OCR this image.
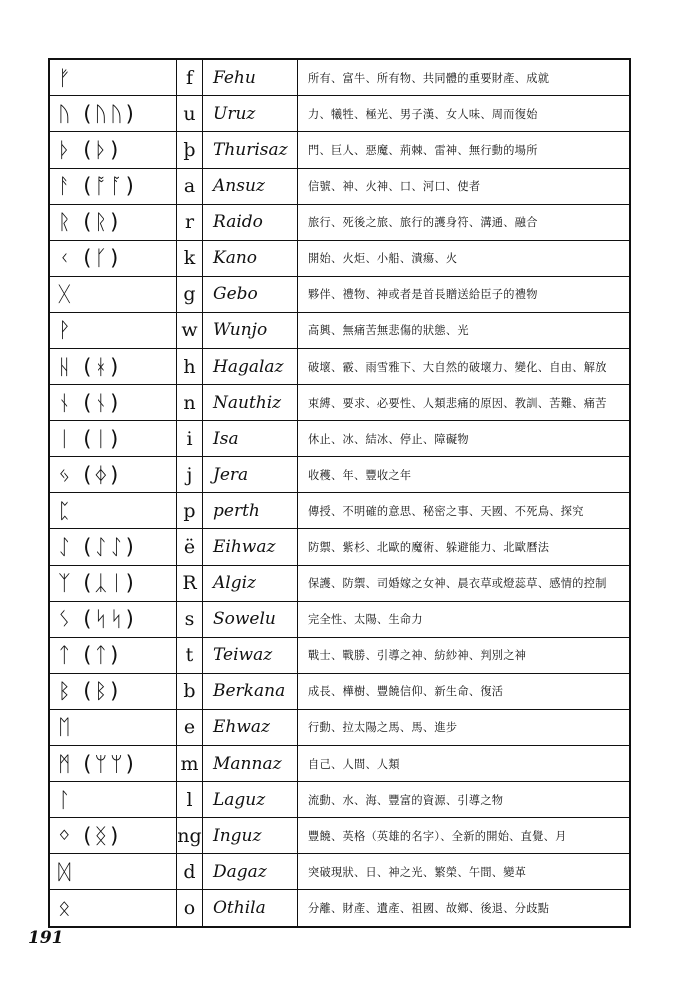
ᚠ	f	Fehu	所有、富牛、所有物、共同體的重要財產、成就
ᚢ (ᚢᚢ)	u	Uruz	力、犧牲、極光、男子漢、女人味、周而復始
ᚦ (ᚦ)	þ	Thurisaz	門、巨人、惡魔、荊棘、雷神、無行動的場所
ᚨ (ᚩᚪ)	a	Ansuz	信號、神、火神、口、河口、使者
ᚱ (ᚱ)	r	Raido	旅行、死後之旅、旅行的護身符、溝通、融合
ᚲ (ᚴ)	k	Kano	開始、火炬、小船、潰瘍、火
ᚷ	g	Gebo	夥伴、禮物、神或者是首長贈送給臣子的禮物
ᚹ	w	Wunjo	高興、無痛苦無悲傷的狀態、光
ᚺ (ᚼ)	h	Hagalaz	破壞、霰、雨雪雅下、大自然的破壞力、變化、自由、解放
ᚾ (ᚾ)	n	Nauthiz	束縛、要求、必要性、人類悲痛的原因、教訓、苦難、痛苦
ᛁ (ᛁ)	i	Isa	休止、冰、結冰、停止、障礙物
ᛃ (ᛄ)	j	Jera	收穫、年、豐收之年
ᛈ	p	perth	傳授、不明確的意思、秘密之事、天國、不死鳥、探究
ᛇ (ᛇᛇ)	ë	Eihwaz	防禦、紫杉、北歐的魔術、躲避能力、北歐曆法
ᛉ (ᛣᛁ)	R	Algiz	保護、防禦、司婚嫁之女神、晨衣草或燈蕊草、感情的控制
ᛊ (ᛋᛋ)	s	Sowelu	完全性、太陽、生命力
ᛏ (ᛏ)	t	Teiwaz	戰士、戰勝、引導之神、紡紗神、判別之神
ᛒ (ᛒ)	b	Berkana	成長、樺樹、豐饒信仰、新生命、復活
ᛖ	e	Ehwaz	行動、拉太陽之馬、馬、進步
ᛗ (ᛘᛘ)	m	Mannaz	自己、人間、人類
ᛚ	l	Laguz	流動、水、海、豐富的資源、引導之物
ᛜ (ᛝ)	ng	Inguz	豐饒、英格（英雄的名字）、全新的開始、直覺、月
ᛞ	d	Dagaz	突破現狀、日、神之光、繁榮、午間、變革
ᛟ	o	Othila	分離、財產、遺產、祖國、故鄉、後退、分歧點
191
